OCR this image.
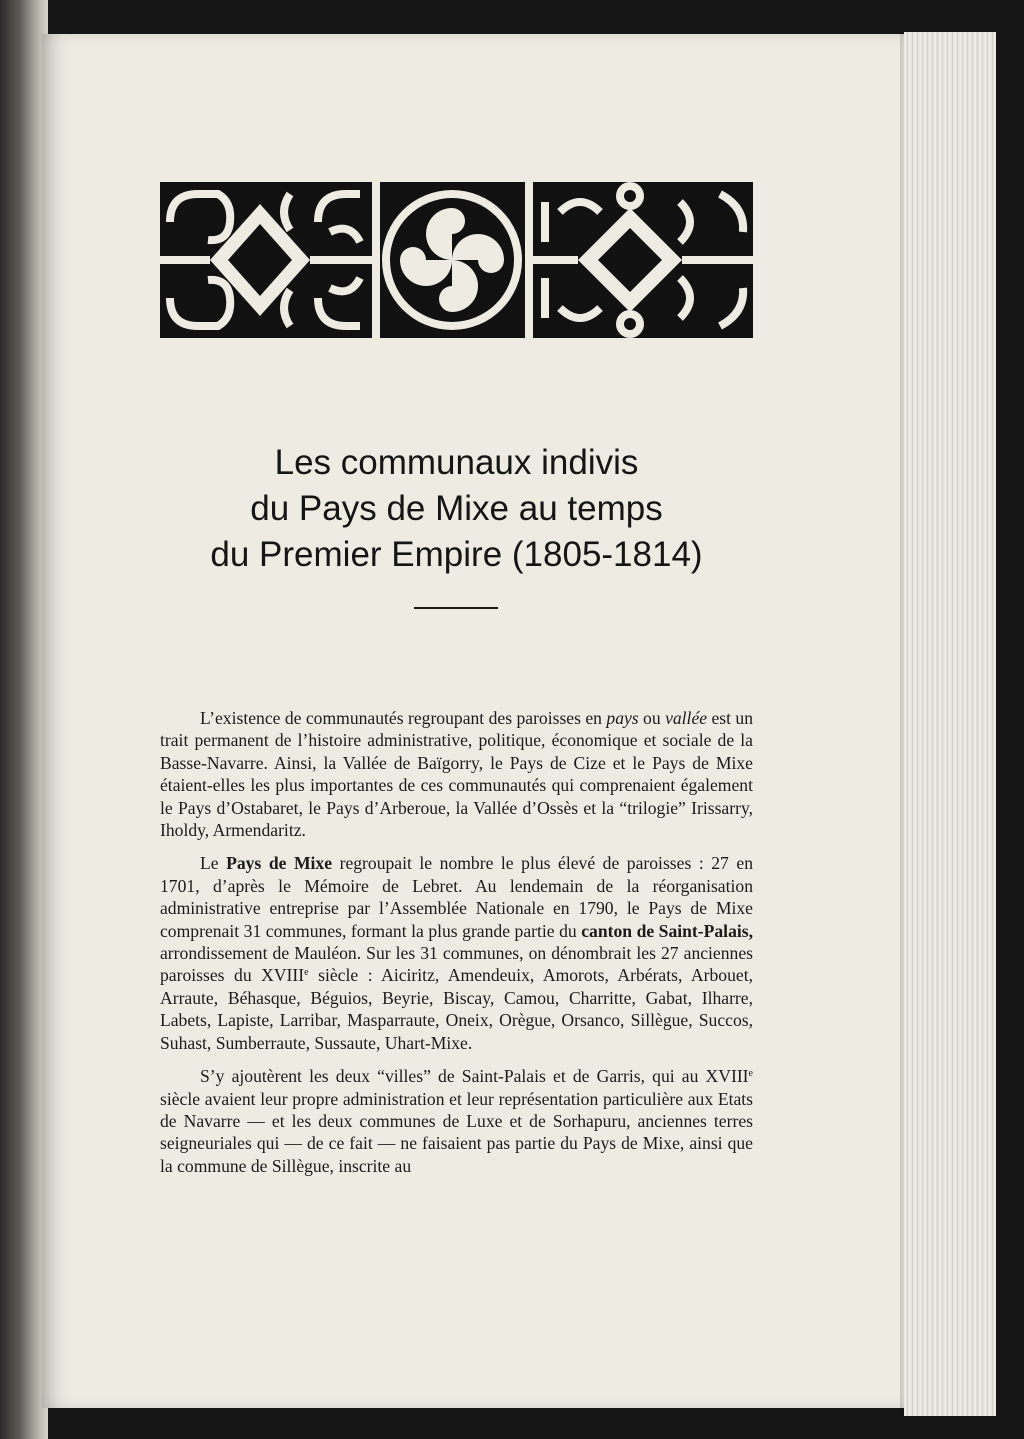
Les communaux indivis
du Pays de Mixe au temps
du Premier Empire (1805-1814)

L’existence de communautés regroupant des paroisses en pays ou vallée est un trait permanent de l’histoire administrative, politique, économique et sociale de la Basse-Navarre. Ainsi, la Vallée de Baïgorry, le Pays de Cize et le Pays de Mixe étaient-elles les plus importantes de ces communautés qui comprenaient également le Pays d’Ostabaret, le Pays d’Arberoue, la Vallée d’Ossès et la “trilogie” Irissarry, Iholdy, Armendaritz.

Le Pays de Mixe regroupait le nombre le plus élevé de paroisses : 27 en 1701, d’après le Mémoire de Lebret. Au lendemain de la réorganisation administrative entreprise par l’Assemblée Nationale en 1790, le Pays de Mixe comprenait 31 communes, formant la plus grande partie du canton de Saint-Palais, arrondissement de Mauléon. Sur les 31 communes, on dénombrait les 27 anciennes paroisses du XVIIIe siècle : Aiciritz, Amendeuix, Amorots, Arbérats, Arbouet, Arraute, Béhasque, Béguios, Beyrie, Biscay, Camou, Charritte, Gabat, Ilharre, Labets, Lapiste, Larribar, Masparraute, Oneix, Orègue, Orsanco, Sillègue, Succos, Suhast, Sumberraute, Sussaute, Uhart-Mixe.

S’y ajoutèrent les deux “villes” de Saint-Palais et de Garris, qui au XVIIIe siècle avaient leur propre administration et leur représentation particulière aux Etats de Navarre — et les deux communes de Luxe et de Sorhapuru, anciennes terres seigneuriales qui — de ce fait — ne faisaient pas partie du Pays de Mixe, ainsi que la commune de Sillègue, inscrite au
